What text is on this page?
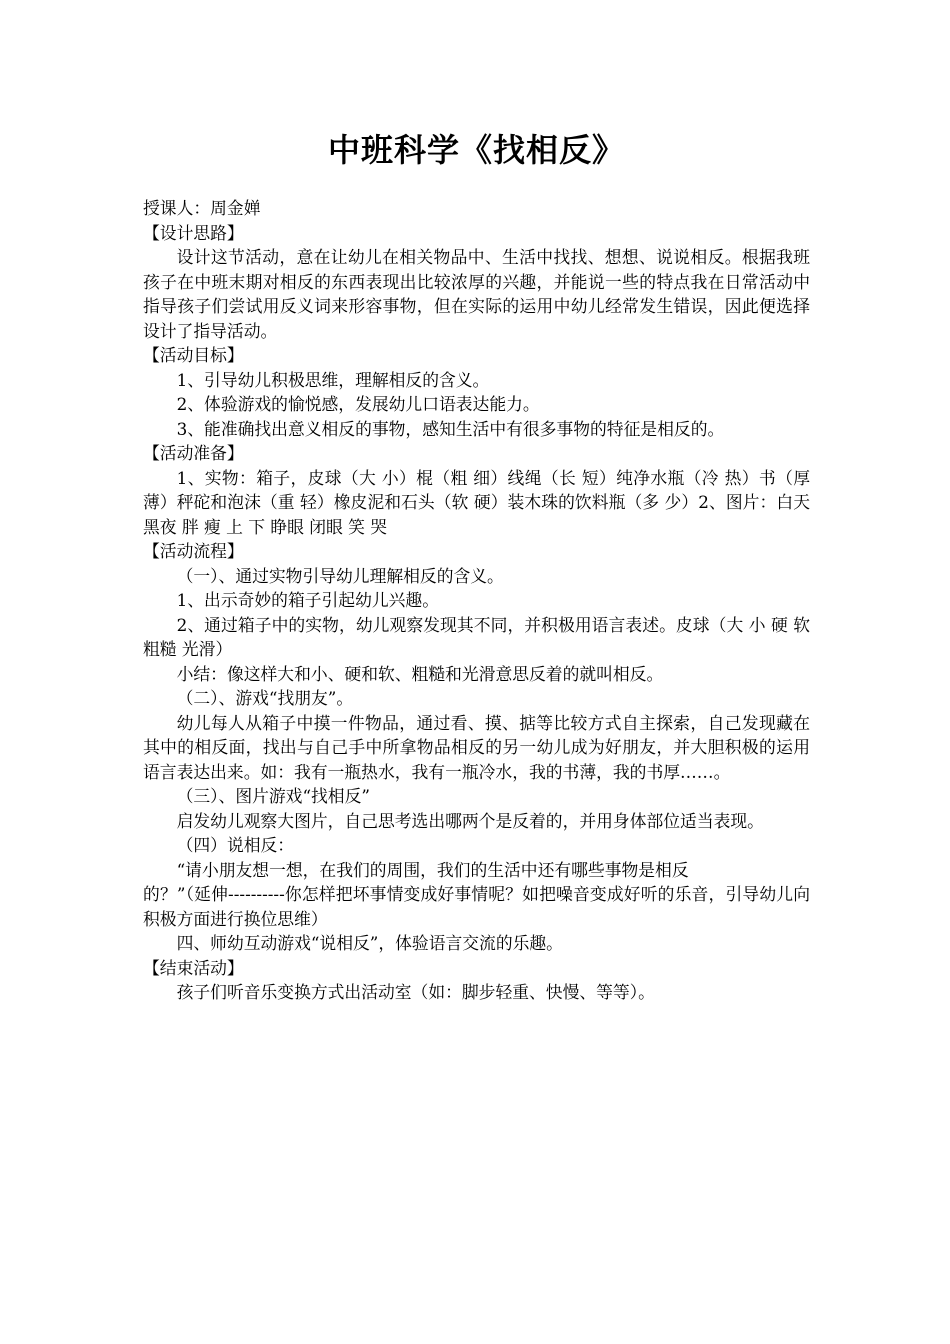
中班科学《找相反》

授课人：周金婵

【设计思路】

设计这节活动，意在让幼儿在相关物品中、生活中找找、想想、说说相反。根据我班孩子在中班末期对相反的东西表现出比较浓厚的兴趣，并能说一些的特点我在日常活动中指导孩子们尝试用反义词来形容事物，但在实际的运用中幼儿经常发生错误，因此便选择设计了指导活动。

【活动目标】

1、引导幼儿积极思维，理解相反的含义。

2、体验游戏的愉悦感，发展幼儿口语表达能力。

3、能准确找出意义相反的事物，感知生活中有很多事物的特征是相反的。

【活动准备】

1、实物：箱子，皮球（大 小）棍（粗 细）线绳（长 短）纯净水瓶（冷 热）书（厚 薄）秤砣和泡沫（重 轻）橡皮泥和石头（软 硬）装木珠的饮料瓶（多 少）2、图片：白天 黑夜 胖 瘦 上 下 睁眼 闭眼 笑 哭

【活动流程】

（一）、通过实物引导幼儿理解相反的含义。

1、出示奇妙的箱子引起幼儿兴趣。

2、通过箱子中的实物，幼儿观察发现其不同，并积极用语言表述。皮球（大 小 硬 软 粗糙 光滑）

小结：像这样大和小、硬和软、粗糙和光滑意思反着的就叫相反。

（二）、游戏“找朋友”。

幼儿每人从箱子中摸一件物品，通过看、摸、掂等比较方式自主探索，自己发现藏在其中的相反面，找出与自己手中所拿物品相反的另一幼儿成为好朋友，并大胆积极的运用语言表达出来。如：我有一瓶热水，我有一瓶冷水，我的书薄，我的书厚……。

（三）、图片游戏“找相反”

启发幼儿观察大图片，自己思考选出哪两个是反着的，并用身体部位适当表现。

（四）说相反：

“请小朋友想一想，在我们的周围，我们的生活中还有哪些事物是相反

的？”（延伸----------你怎样把坏事情变成好事情呢？如把噪音变成好听的乐音，引导幼儿向积极方面进行换位思维）

四、师幼互动游戏“说相反”，体验语言交流的乐趣。

【结束活动】

孩子们听音乐变换方式出活动室（如：脚步轻重、快慢、等等）。
